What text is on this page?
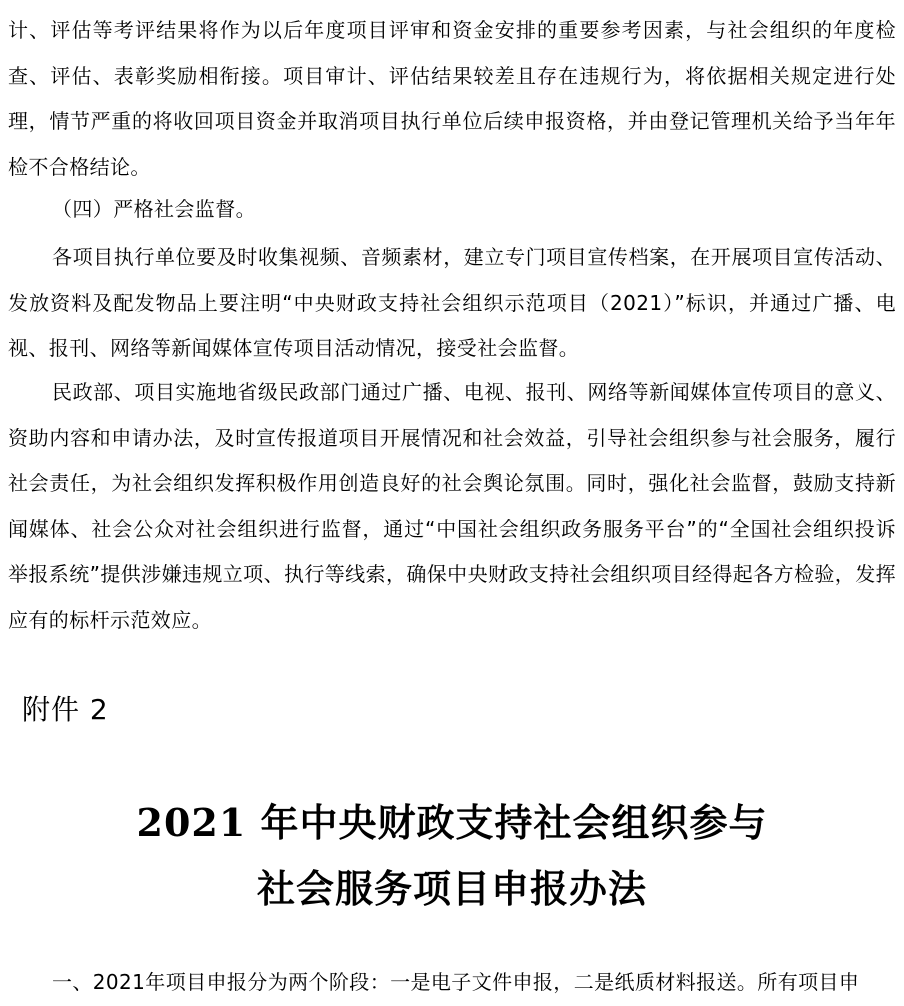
计、评估等考评结果将作为以后年度项目评审和资金安排的重要参考因素，与社会组织的年度检查、评估、表彰奖励相衔接。项目审计、评估结果较差且存在违规行为，将依据相关规定进行处理，情节严重的将收回项目资金并取消项目执行单位后续申报资格，并由登记管理机关给予当年年检不合格结论。

（四）严格社会监督。

各项目执行单位要及时收集视频、音频素材，建立专门项目宣传档案，在开展项目宣传活动、发放资料及配发物品上要注明“中央财政支持社会组织示范项目（2021）”标识，并通过广播、电视、报刊、网络等新闻媒体宣传项目活动情况，接受社会监督。

民政部、项目实施地省级民政部门通过广播、电视、报刊、网络等新闻媒体宣传项目的意义、资助内容和申请办法，及时宣传报道项目开展情况和社会效益，引导社会组织参与社会服务，履行社会责任，为社会组织发挥积极作用创造良好的社会舆论氛围。同时，强化社会监督，鼓励支持新闻媒体、社会公众对社会组织进行监督，通过“中国社会组织政务服务平台”的“全国社会组织投诉举报系统”提供涉嫌违规立项、执行等线索，确保中央财政支持社会组织项目经得起各方检验，发挥应有的标杆示范效应。

附件 2

2021 年中央财政支持社会组织参与
社会服务项目申报办法

一、2021年项目申报分为两个阶段：一是电子文件申报，二是纸质材料报送。所有项目申
